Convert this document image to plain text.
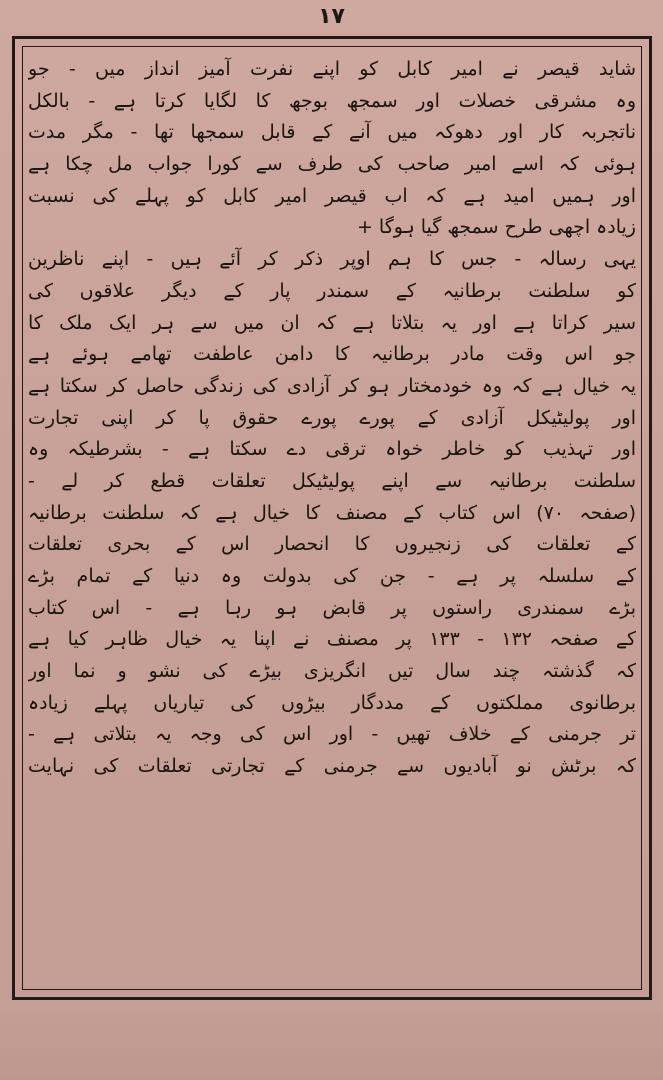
۱۷
شاید قیصر نے امیر کابل کو اپنے نفرت آمیز انداز میں - جو
وہ مشرقی خصلات اور سمجھ بوجھ کا لگایا کرتا ہے - بالکل
ناتجربہ کار اور دھوکہ میں آنے کے قابل سمجھا تھا - مگر مدت
ہوئی کہ اسے امیر صاحب کی طرف سے کورا جواب مل چکا ہے
اور ہمیں امید ہے کہ اب قیصر امیر کابل کو پہلے کی نسبت
زیادہ اچھی طرح سمجھ گیا ہوگا +
یہی رسالہ - جس کا ہم اوپر ذکر کر آئے ہیں - اپنے ناظرین
کو سلطنت برطانیہ کے سمندر پار کے دیگر علاقوں کی
سیر کراتا ہے اور یہ بتلاتا ہے کہ ان میں سے ہر ایک ملک کا
جو اس وقت مادر برطانیہ کا دامن عاطفت تھامے ہوئے ہے
یہ خیال ہے کہ وہ خودمختار ہو کر آزادی کی زندگی حاصل کر سکتا ہے
اور پولیٹیکل آزادی کے پورے پورے حقوق پا کر اپنی تجارت
اور تہذیب کو خاطر خواہ ترقی دے سکتا ہے - بشرطیکہ وہ
سلطنت برطانیہ سے اپنے پولیٹیکل تعلقات قطع کر لے -
(صفحہ ۷۰) اس کتاب کے مصنف کا خیال ہے کہ سلطنت برطانیہ
کے تعلقات کی زنجیروں کا انحصار اس کے بحری تعلقات
کے سلسلہ پر ہے - جن کی بدولت وہ دنیا کے تمام بڑے
بڑے سمندری راستوں پر قابض ہو رہا ہے - اس کتاب
کے صفحہ ۱۳۲ - ۱۳۳ پر مصنف نے اپنا یہ خیال ظاہر کیا ہے
کہ گذشتہ چند سال تیں انگریزی بیڑے کی نشو و نما اور
برطانوی مملکتوں کے مددگار بیڑوں کی تیاریاں پہلے زیادہ
تر جرمنی کے خلاف تھیں - اور اس کی وجہ یہ بتلاتی ہے -
کہ برٹش نو آبادیوں سے جرمنی کے تجارتی تعلقات کی نہایت
